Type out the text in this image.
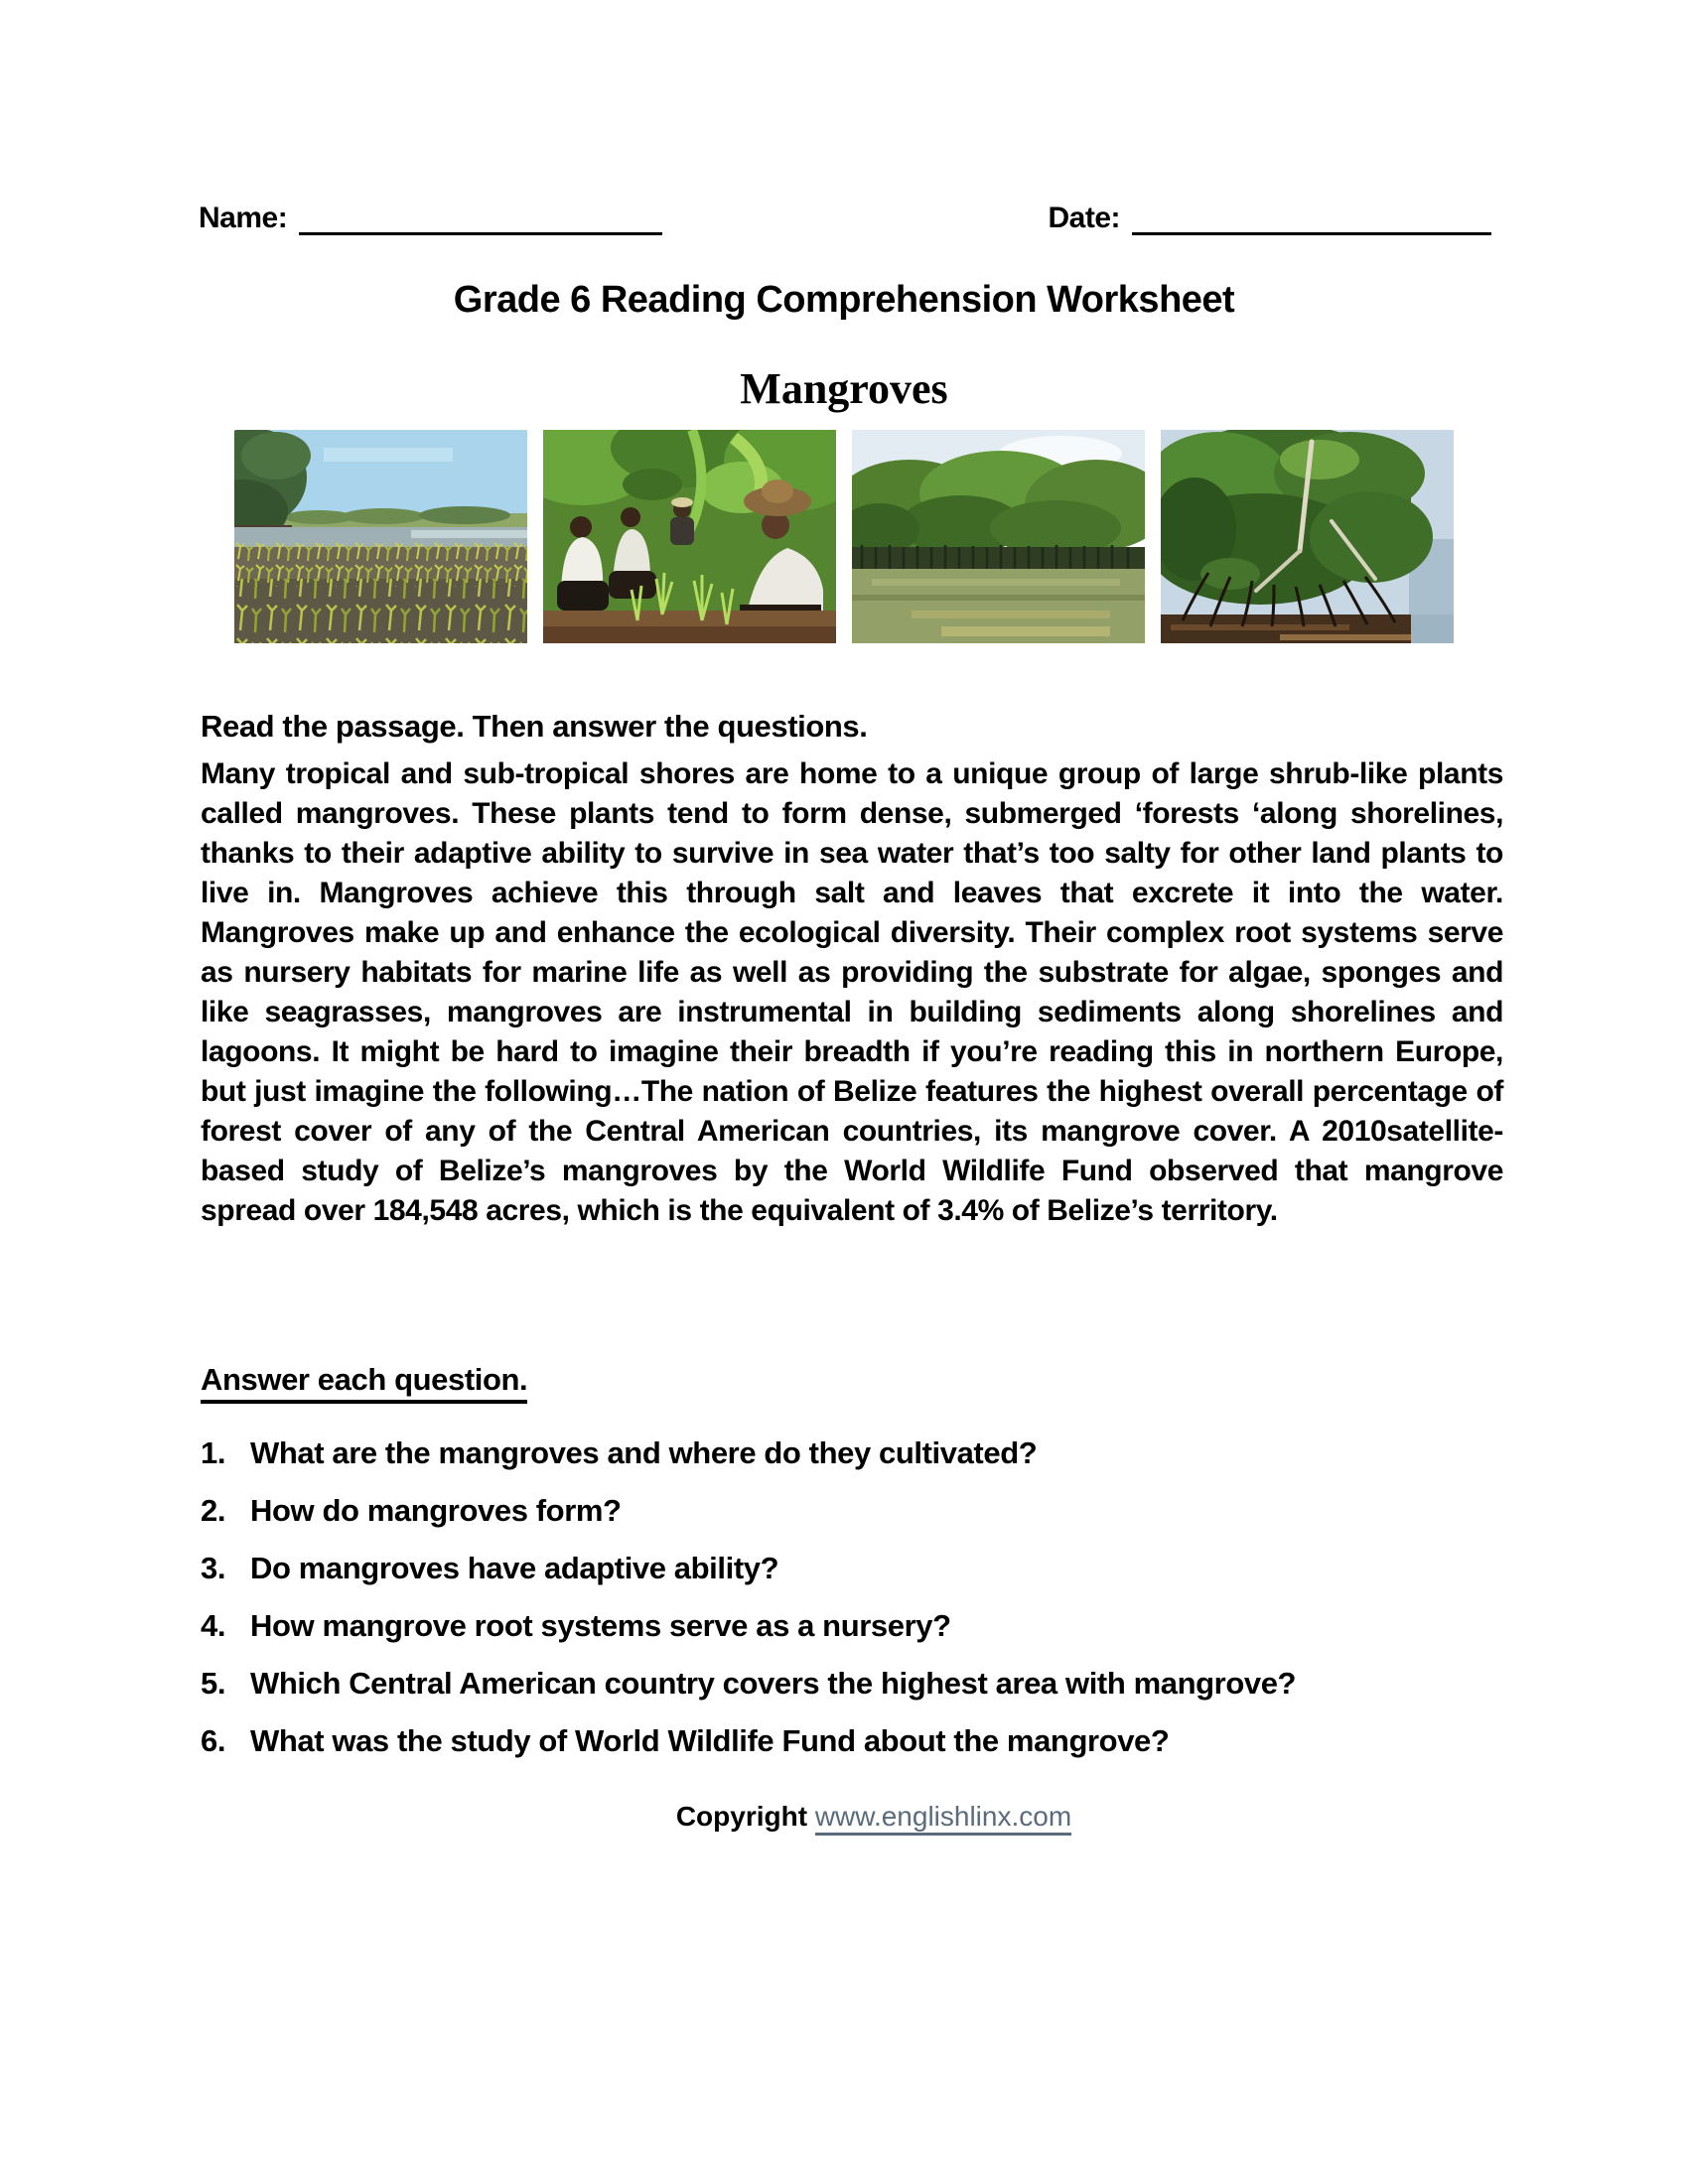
Name:	Date:
Grade 6 Reading Comprehension Worksheet
Mangroves
Read the passage. Then answer the questions.
Many tropical and sub-tropical shores are home to a unique group of large shrub-like plants called mangroves. These plants tend to form dense, submerged ‘forests ‘along shorelines, thanks to their adaptive ability to survive in sea water that’s too salty for other land plants to live in. Mangroves achieve this through salt and leaves that excrete it into the water. Mangroves make up and enhance the ecological diversity. Their complex root systems serve as nursery habitats for marine life as well as providing the substrate for algae, sponges and like seagrasses, mangroves are instrumental in building sediments along shorelines and lagoons. It might be hard to imagine their breadth if you’re reading this in northern Europe, but just imagine the following…The nation of Belize features the highest overall percentage of forest cover of any of the Central American countries, its mangrove cover. A 2010satellite-based study of Belize’s mangroves by the World Wildlife Fund observed that mangrove spread over 184,548 acres, which is the equivalent of 3.4% of Belize’s territory.
Answer each question.
1. What are the mangroves and where do they cultivated?
2. How do mangroves form?
3. Do mangroves have adaptive ability?
4. How mangrove root systems serve as a nursery?
5. Which Central American country covers the highest area with mangrove?
6. What was the study of World Wildlife Fund about the mangrove?
Copyright www.englishlinx.com
